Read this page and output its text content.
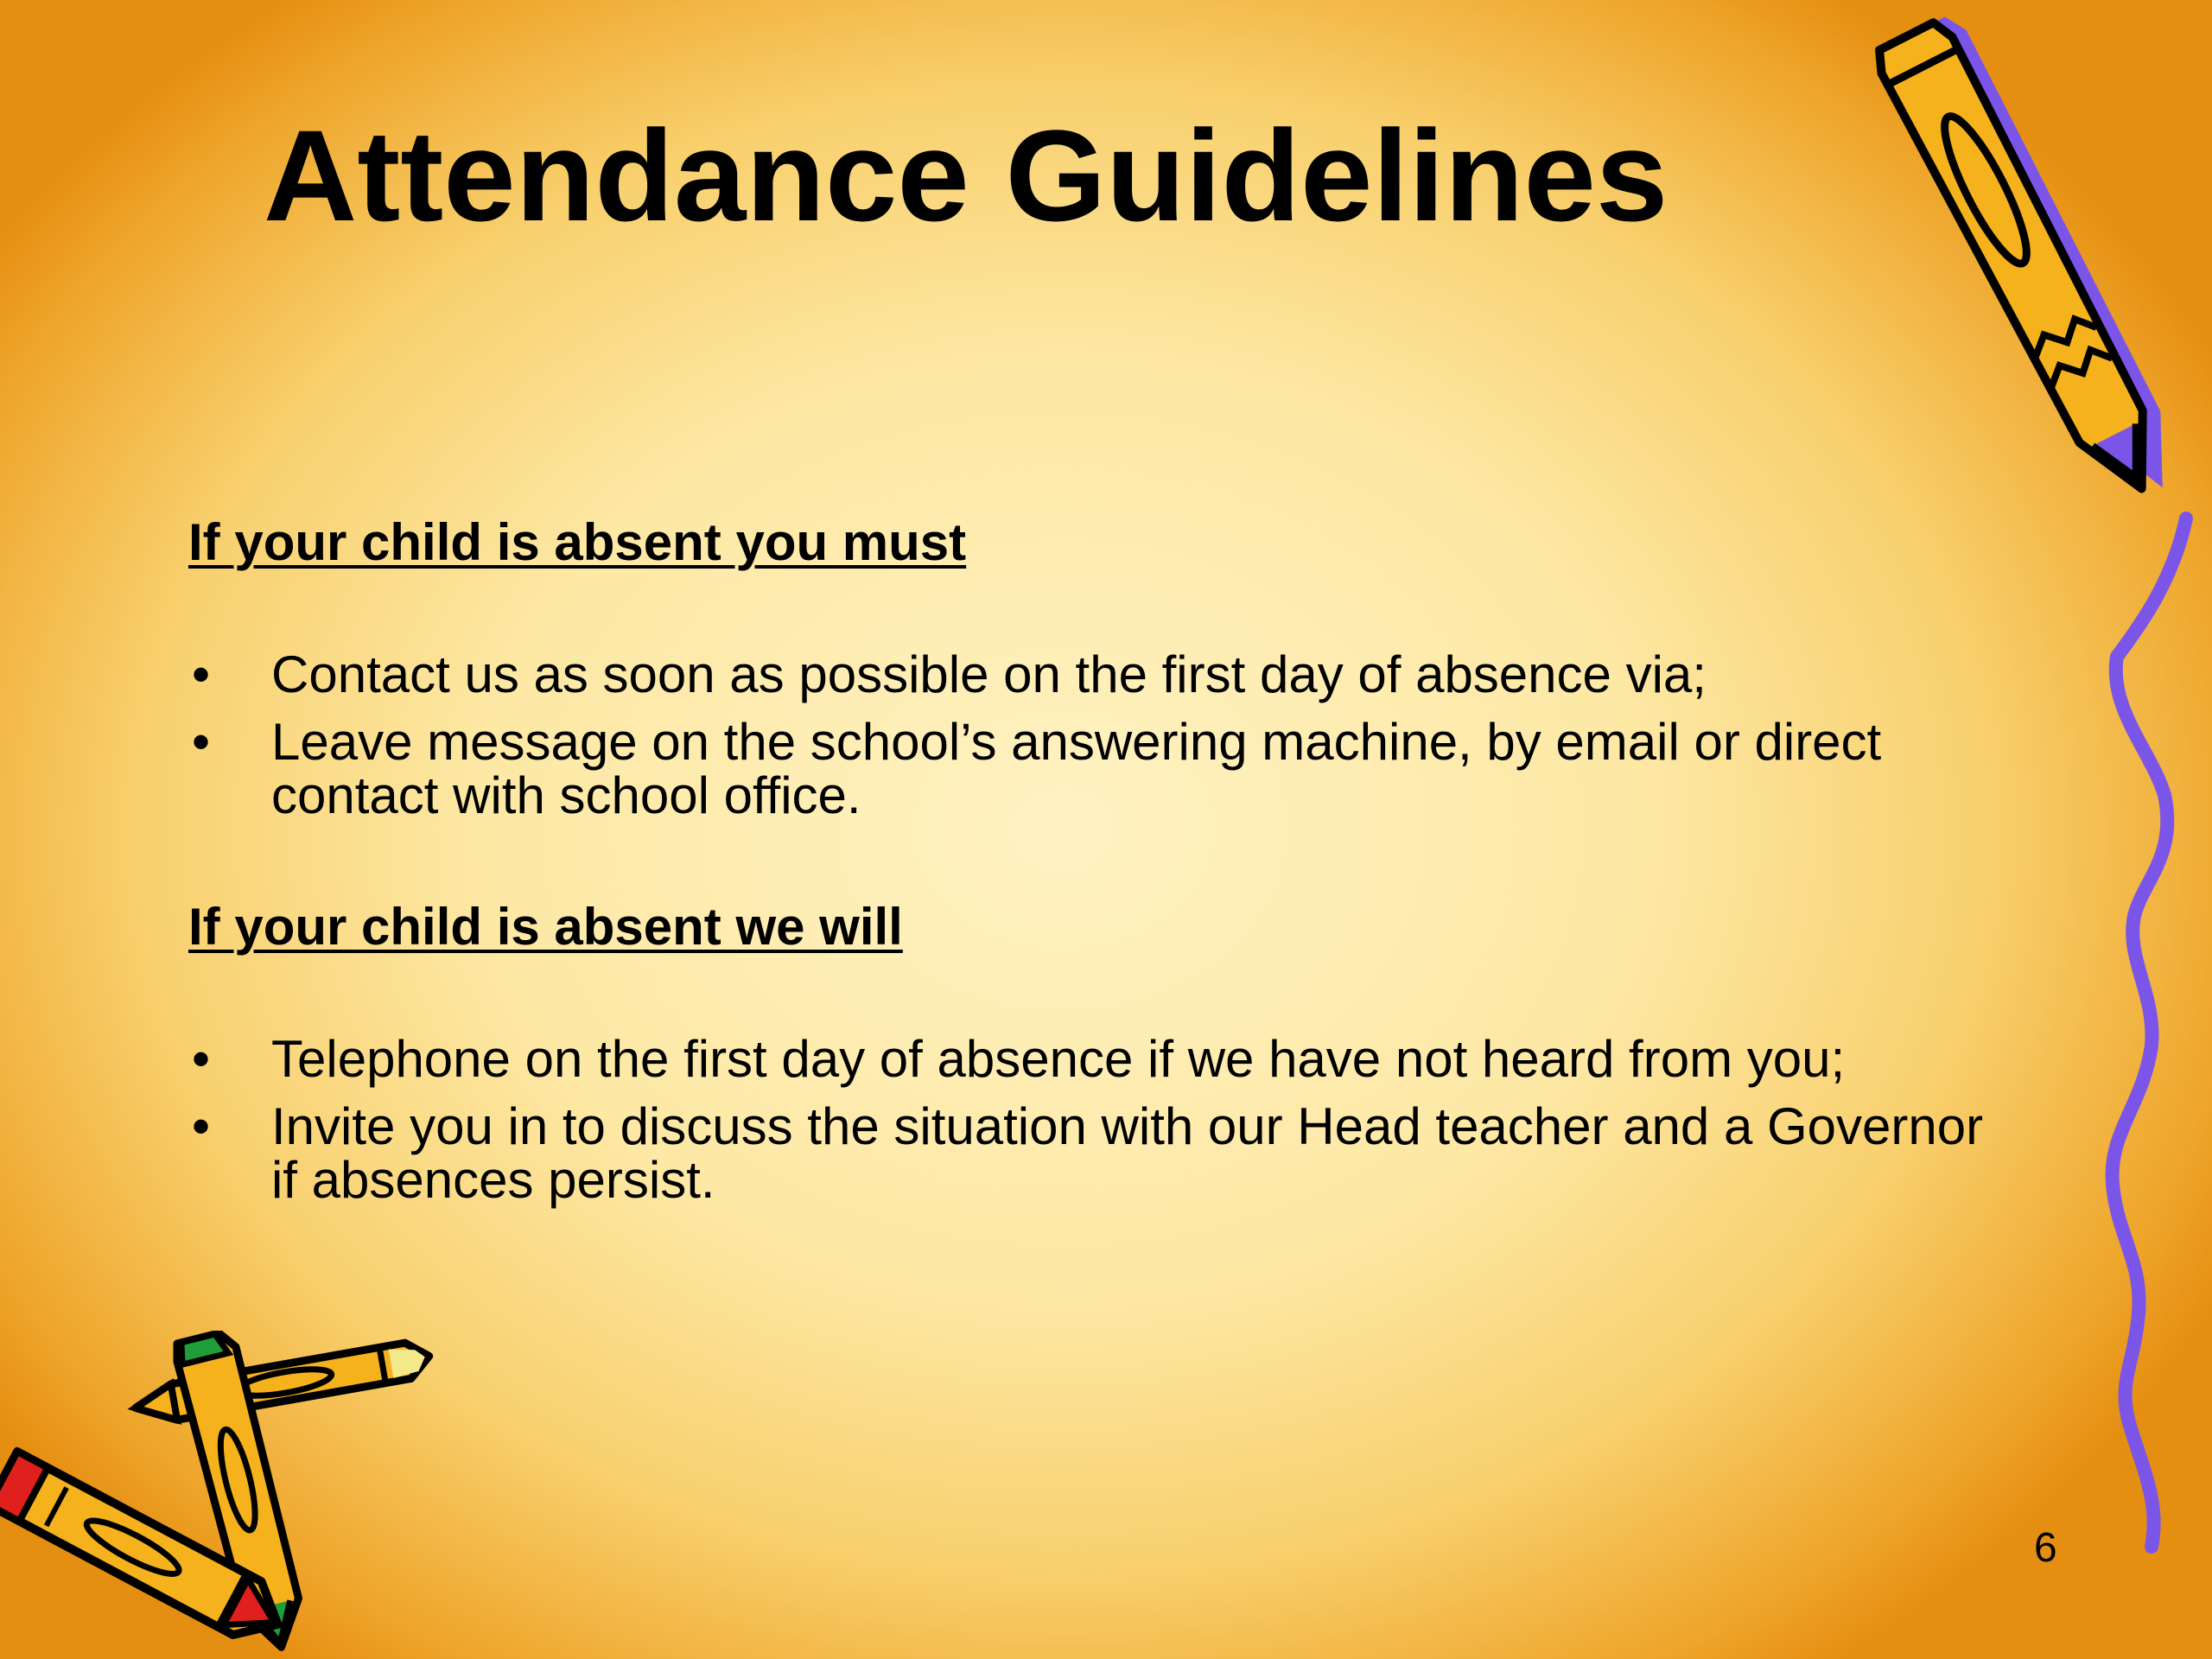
Attendance Guidelines
If your child is absent you must
• Contact us as soon as possible on the first day of absence via;
• Leave message on the school’s answering machine, by email or direct contact with school office.
If your child is absent we will
• Telephone on the first day of absence if we have not heard from you;
• Invite you in to discuss the situation with our Head teacher and a Governor if absences persist.
6
